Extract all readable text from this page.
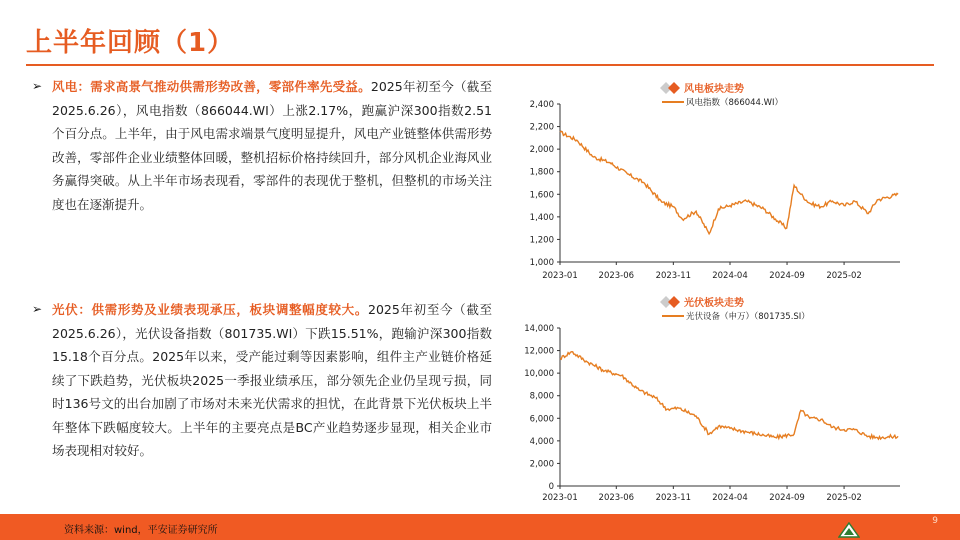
上半年回顾（1）
➢ 风电：需求高景气推动供需形势改善，零部件率先受益。2025年初至今（截至2025.6.26），风电指数（866044.WI）上涨2.17%，跑赢沪深300指数2.51个百分点。上半年，由于风电需求端景气度明显提升，风电产业链整体供需形势改善，零部件企业业绩整体回暖，整机招标价格持续回升，部分风机企业海风业务赢得突破。从上半年市场表现看，零部件的表现优于整机，但整机的市场关注度也在逐渐提升。
➢ 光伏：供需形势及业绩表现承压，板块调整幅度较大。2025年初至今（截至2025.6.26），光伏设备指数（801735.WI）下跌15.51%，跑输沪深300指数15.18个百分点。2025年以来，受产能过剩等因素影响，组件主产业链价格延续了下跌趋势，光伏板块2025一季报业绩承压，部分领先企业仍呈现亏损，同时136号文的出台加剧了市场对未来光伏需求的担忧，在此背景下光伏板块上半年整体下跌幅度较大。上半年的主要亮点是BC产业趋势逐步显现，相关企业市场表现相对较好。
风电板块走势
风电指数（866044.WI）
1,000
1,200
1,400
1,600
1,800
2,000
2,200
2,400
2023-01 2023-06	2023-11 2024-04	2024-09	2025-02
光伏板块走势
光伏设备（申万）（801735.SI）
0
2,000
4,000
6,000
8,000
10,000
12,000
14,000
2023-01 2023-06	2023-11 2024-04	2024-09	2025-02
资料来源：wind，平安证券研究所
9
